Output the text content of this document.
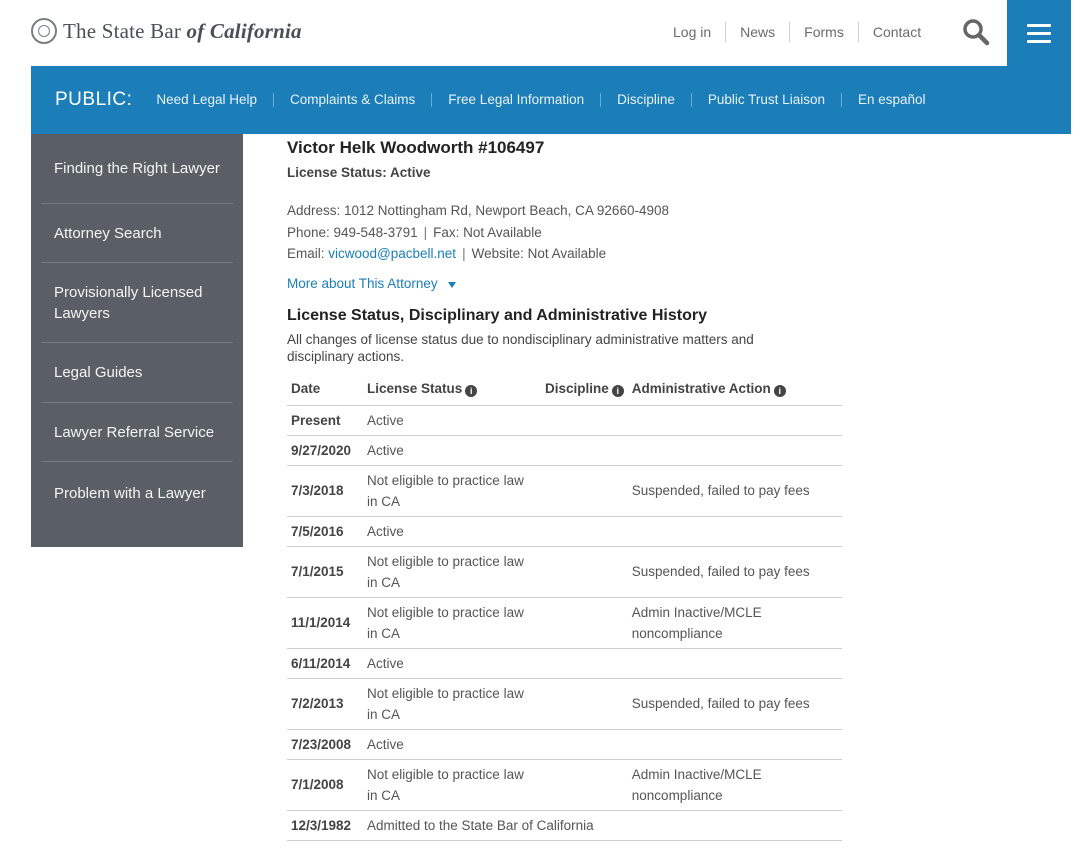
The State Bar of California	Log in	News	Forms	Contact
PUBLIC: Need Legal Help	Complaints & Claims	Free Legal Information	Discipline	Public Trust Liaison	En español
Finding the Right Lawyer
Attorney Search
Provisionally Licensed Lawyers
Legal Guides
Lawyer Referral Service
Problem with a Lawyer
Victor Helk Woodworth #106497
License Status: Active
Address: 1012 Nottingham Rd, Newport Beach, CA 92660-4908
Phone: 949-548-3791 | Fax: Not Available
Email: vicwood@pacbell.net | Website: Not Available
More about This Attorney
License Status, Disciplinary and Administrative History

All changes of license status due to nondisciplinary administrative matters and disciplinary actions.

Date	License Status i	Discipline i	Administrative Action i
Present	Active		
9/27/2020	Active		
7/3/2018	Not eligible to practice law in CA		Suspended, failed to pay fees
7/5/2016	Active		
7/1/2015	Not eligible to practice law in CA		Suspended, failed to pay fees
11/1/2014	Not eligible to practice law in CA		Admin Inactive/MCLE noncompliance
6/11/2014	Active		
7/2/2013	Not eligible to practice law in CA		Suspended, failed to pay fees
7/23/2008	Active		
7/1/2008	Not eligible to practice law in CA		Admin Inactive/MCLE noncompliance
12/3/1982	Admitted to the State Bar of California		
